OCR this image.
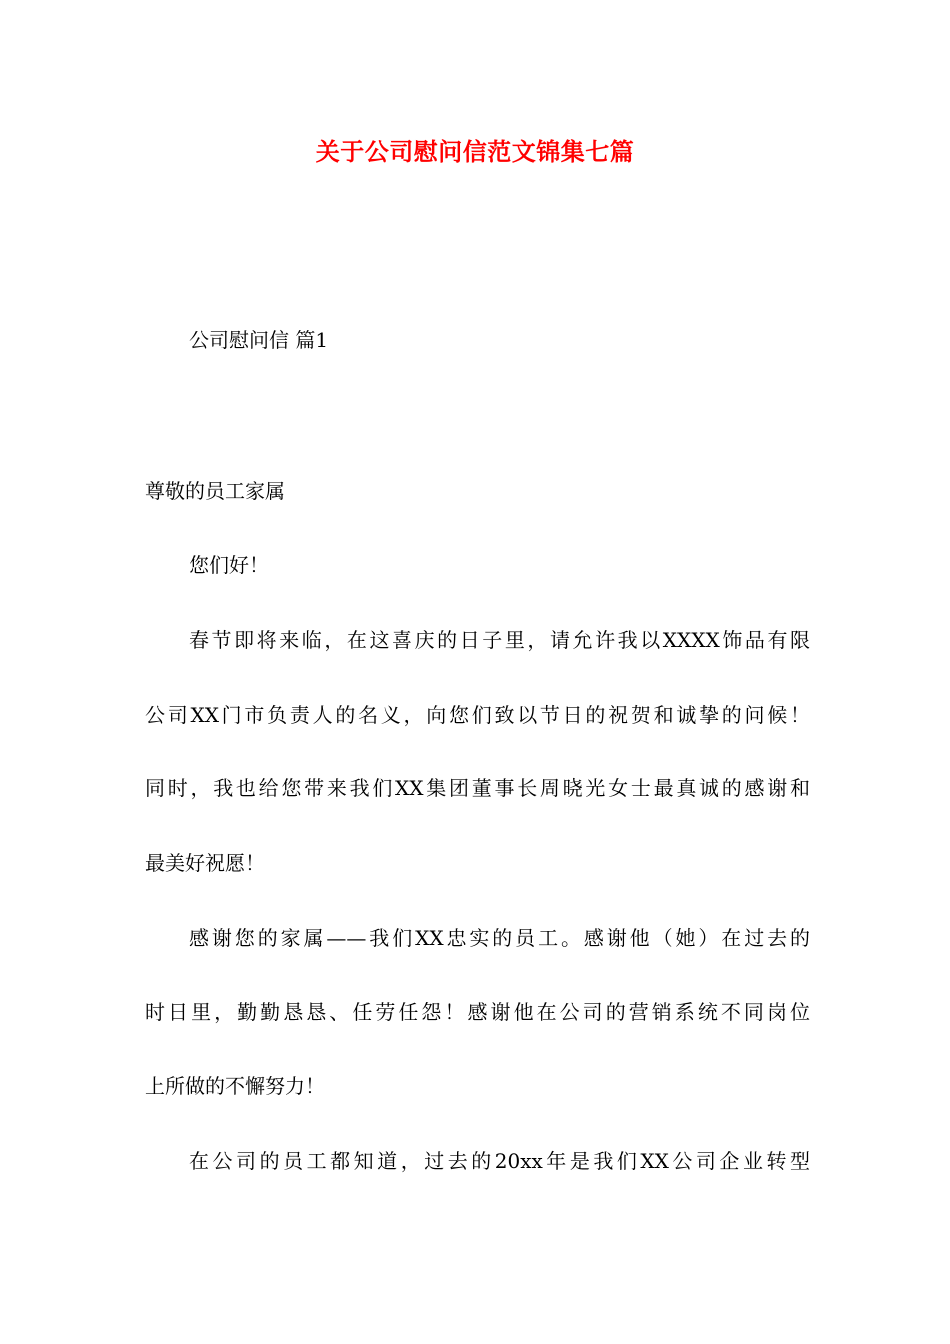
关于公司慰问信范文锦集七篇
公司慰问信 篇1
尊敬的员工家属
您们好！
春节即将来临，在这喜庆的日子里，请允许我以XXXX饰品有限
公司XX门市负责人的名义，向您们致以节日的祝贺和诚挚的问候！
同时，我也给您带来我们XX集团董事长周晓光女士最真诚的感谢和
最美好祝愿！
感谢您的家属——我们XX忠实的员工。感谢他（她）在过去的
时日里，勤勤恳恳、任劳任怨！感谢他在公司的营销系统不同岗位
上所做的不懈努力！
在公司的员工都知道，过去的20xx年是我们XX公司企业转型
